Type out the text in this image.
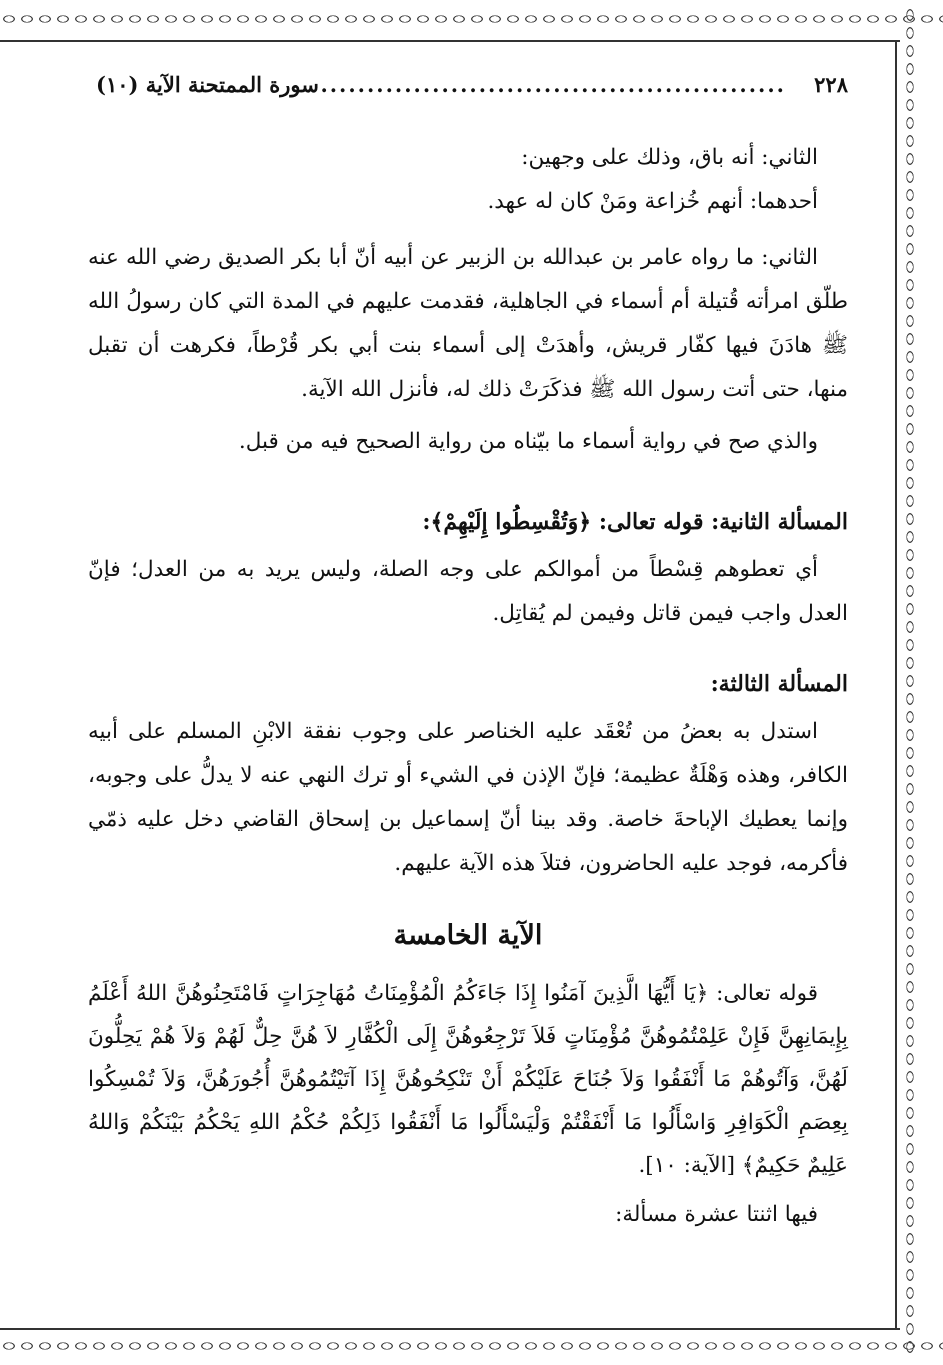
٢٢٨
..................................................
سورة الممتحنة الآية (١٠)

الثاني: أنه باق، وذلك على وجهين:

أحدهما: أنهم خُزاعة ومَنْ كان له عهد.

الثاني: ما رواه عامر بن عبدالله بن الزبير عن أبيه أنّ أبا بكر الصديق رضي الله عنه طلّق امرأته قُتيلة أم أسماء في الجاهلية، فقدمت عليهم في المدة التي كان رسولُ الله ﷺ هادَنَ فيها كفّار قريش، وأهدَتْ إلى أسماء بنت أبي بكر قُرْطاً، فكرهت أن تقبل منها، حتى أتت رسول الله ﷺ فذكَرَتْ ذلك له، فأنزل الله الآية.

والذي صح في رواية أسماء ما بيّناه من رواية الصحيح فيه من قبل.

المسألة الثانية: قوله تعالى: ﴿وَتُقْسِطُوا إِلَيْهِمْ﴾:

أي تعطوهم قِسْطاً من أموالكم على وجه الصلة، وليس يريد به من العدل؛ فإنّ العدل واجب فيمن قاتل وفيمن لم يُقاتِل.

المسألة الثالثة:

استدل به بعضُ من تُعْقَد عليه الخناصر على وجوب نفقة الابْنِ المسلم على أبيه الكافر، وهذه وَهْلَةٌ عظيمة؛ فإنّ الإذن في الشيء أو ترك النهي عنه لا يدلُّ على وجوبه، وإنما يعطيك الإباحةَ خاصة. وقد بينا أنّ إسماعيل بن إسحاق القاضي دخل عليه ذمّي فأكرمه، فوجد عليه الحاضرون، فتلاَ هذه الآية عليهم.

الآية الخامسة

قوله تعالى: ﴿يَا أَيُّهَا الَّذِينَ آمَنُوا إِذَا جَاءَكُمُ الْمُؤْمِنَاتُ مُهَاجِرَاتٍ فَامْتَحِنُوهُنَّ اللهُ أَعْلَمُ بِإِيمَانِهِنَّ فَإِنْ عَلِمْتُمُوهُنَّ مُؤْمِنَاتٍ فَلاَ تَرْجِعُوهُنَّ إِلَى الْكُفَّارِ لاَ هُنَّ حِلٌّ لَهُمْ وَلاَ هُمْ يَحِلُّونَ لَهُنَّ، وَآتُوهُمْ مَا أَنْفَقُوا وَلاَ جُنَاحَ عَلَيْكُمْ أَنْ تَنْكِحُوهُنَّ إِذَا آتَيْتُمُوهُنَّ أُجُورَهُنَّ، وَلاَ تُمْسِكُوا بِعِصَمِ الْكَوَافِرِ وَاسْأَلُوا مَا أَنْفَقْتُمْ وَلْيَسْأَلُوا مَا أَنْفَقُوا ذَلِكُمْ حُكْمُ اللهِ يَحْكُمُ بَيْنَكُمْ وَاللهُ عَلِيمٌ حَكِيمٌ﴾ [الآية: ١٠].

فيها اثنتا عشرة مسألة:
